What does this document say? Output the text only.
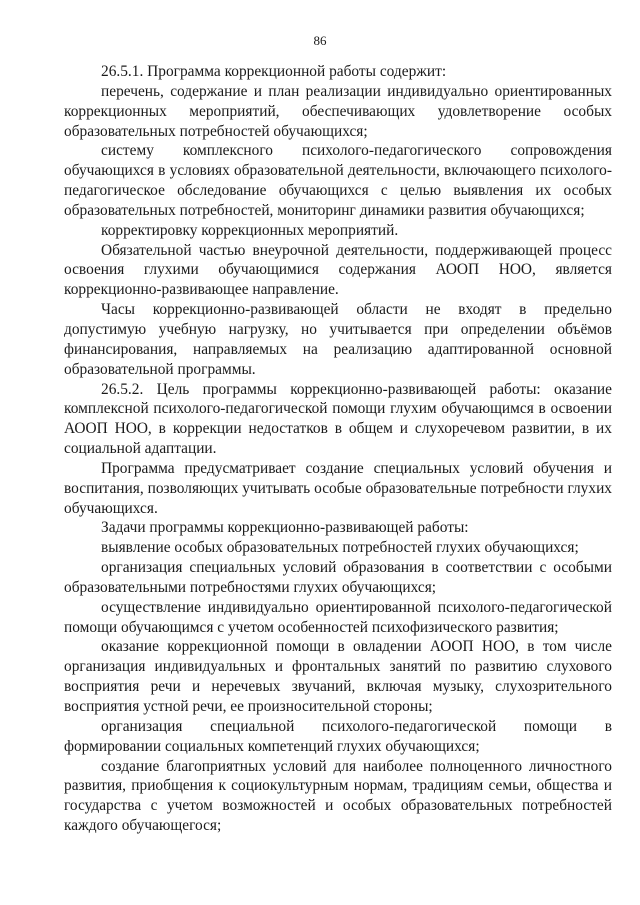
86

26.5.1. Программа коррекционной работы содержит:

перечень, содержание и план реализации индивидуально ориентированных коррекционных мероприятий, обеспечивающих удовлетворение особых образовательных потребностей обучающихся;

систему комплексного психолого-педагогического сопровождения обучающихся в условиях образовательной деятельности, включающего психолого-педагогическое обследование обучающихся с целью выявления их особых образовательных потребностей, мониторинг динамики развития обучающихся;

корректировку коррекционных мероприятий.

Обязательной частью внеурочной деятельности, поддерживающей процесс освоения глухими обучающимися содержания АООП НОО, является коррекционно-развивающее направление.

Часы коррекционно-развивающей области не входят в предельно допустимую учебную нагрузку, но учитывается при определении объёмов финансирования, направляемых на реализацию адаптированной основной образовательной программы.

26.5.2. Цель программы коррекционно-развивающей работы: оказание комплексной психолого-педагогической помощи глухим обучающимся в освоении АООП НОО, в коррекции недостатков в общем и слухоречевом развитии, в их социальной адаптации.

Программа предусматривает создание специальных условий обучения и воспитания, позволяющих учитывать особые образовательные потребности глухих обучающихся.

Задачи программы коррекционно-развивающей работы:

выявление особых образовательных потребностей глухих обучающихся;

организация специальных условий образования в соответствии с особыми образовательными потребностями глухих обучающихся;

осуществление индивидуально ориентированной психолого-педагогической помощи обучающимся с учетом особенностей психофизического развития;

оказание коррекционной помощи в овладении АООП НОО, в том числе организация индивидуальных и фронтальных занятий по развитию слухового восприятия речи и неречевых звучаний, включая музыку, слухозрительного восприятия устной речи, ее произносительной стороны;

организация специальной психолого-педагогической помощи в формировании социальных компетенций глухих обучающихся;

создание благоприятных условий для наиболее полноценного личностного развития, приобщения к социокультурным нормам, традициям семьи, общества и государства с учетом возможностей и особых образовательных потребностей каждого обучающегося;
